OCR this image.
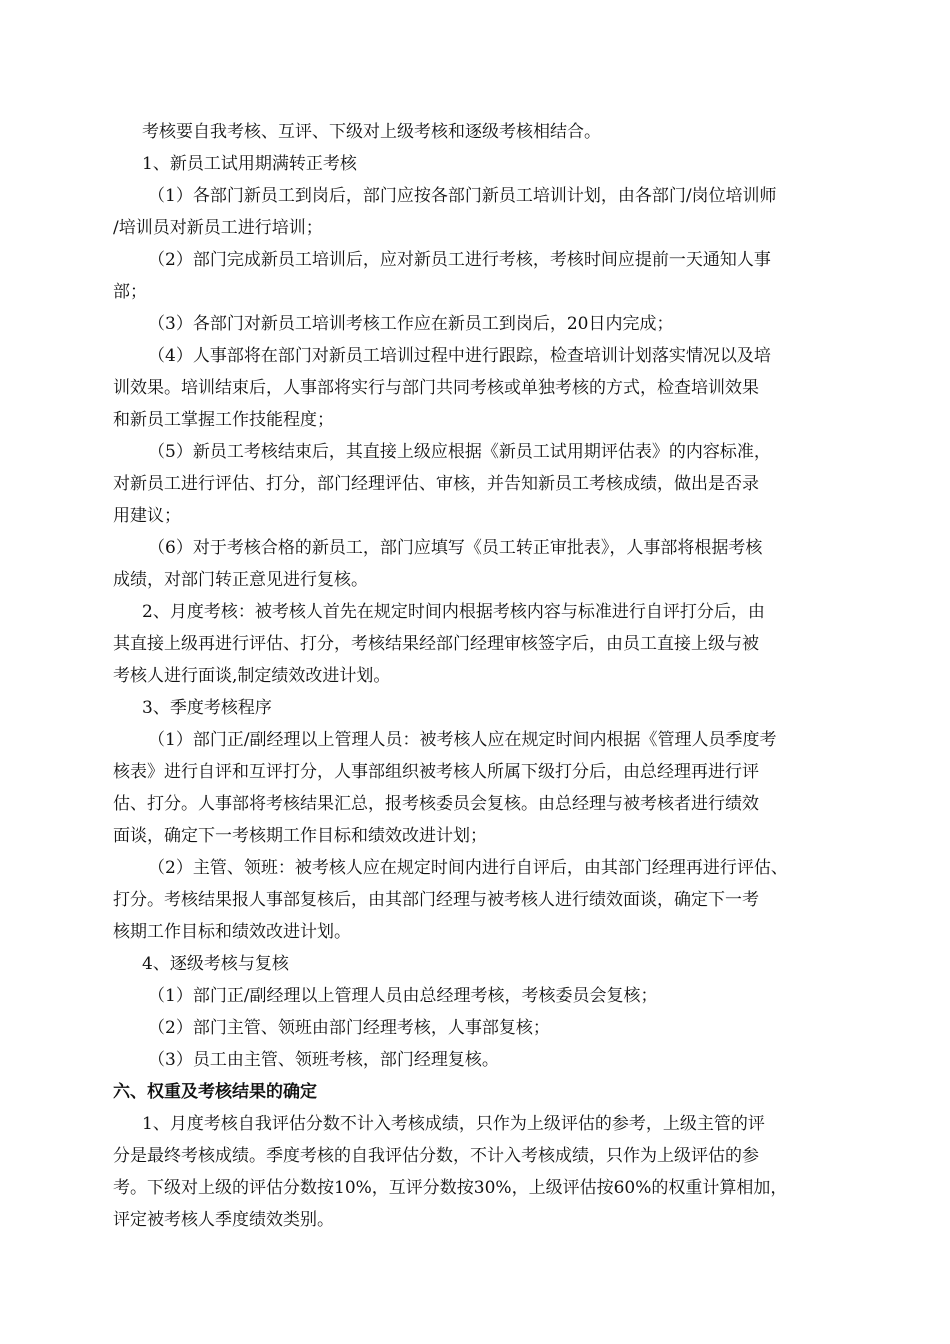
考核要自我考核、互评、下级对上级考核和逐级考核相结合。
1、新员工试用期满转正考核
（1）各部门新员工到岗后，部门应按各部门新员工培训计划，由各部门/岗位培训师
/培训员对新员工进行培训；
（2）部门完成新员工培训后，应对新员工进行考核，考核时间应提前一天通知人事
部；
（3）各部门对新员工培训考核工作应在新员工到岗后，20日内完成；
（4）人事部将在部门对新员工培训过程中进行跟踪，检查培训计划落实情况以及培
训效果。培训结束后，人事部将实行与部门共同考核或单独考核的方式，检查培训效果
和新员工掌握工作技能程度；
（5）新员工考核结束后，其直接上级应根据《新员工试用期评估表》的内容标准，
对新员工进行评估、打分，部门经理评估、审核，并告知新员工考核成绩，做出是否录
用建议；
（6）对于考核合格的新员工，部门应填写《员工转正审批表》，人事部将根据考核
成绩，对部门转正意见进行复核。
2、月度考核：被考核人首先在规定时间内根据考核内容与标准进行自评打分后，由
其直接上级再进行评估、打分，考核结果经部门经理审核签字后，由员工直接上级与被
考核人进行面谈,制定绩效改进计划。
3、季度考核程序
（1）部门正/副经理以上管理人员：被考核人应在规定时间内根据《管理人员季度考
核表》进行自评和互评打分，人事部组织被考核人所属下级打分后，由总经理再进行评
估、打分。人事部将考核结果汇总，报考核委员会复核。由总经理与被考核者进行绩效
面谈，确定下一考核期工作目标和绩效改进计划；
（2）主管、领班：被考核人应在规定时间内进行自评后，由其部门经理再进行评估、
打分。考核结果报人事部复核后，由其部门经理与被考核人进行绩效面谈，确定下一考
核期工作目标和绩效改进计划。
4、逐级考核与复核
（1）部门正/副经理以上管理人员由总经理考核，考核委员会复核；
（2）部门主管、领班由部门经理考核，人事部复核；
（3）员工由主管、领班考核，部门经理复核。
六、权重及考核结果的确定
1、月度考核自我评估分数不计入考核成绩，只作为上级评估的参考，上级主管的评
分是最终考核成绩。季度考核的自我评估分数，不计入考核成绩，只作为上级评估的参
考。下级对上级的评估分数按10%，互评分数按30%，上级评估按60%的权重计算相加，
评定被考核人季度绩效类别。
